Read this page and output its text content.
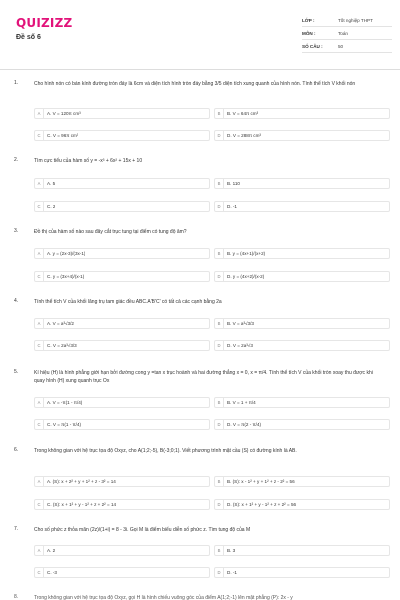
QUIZIZZ
Đề số 6
LỚP :	Tốt nghiệp THPT
MÔN :	Toán
SỐ CÂU :	50
1.	Cho hình nón có bán kính đường tròn đáy là 6cm và diện tích hình tròn đáy bằng 3/5 diện tích xung quanh của hình nón. Tính thể tích V khối nón
A	A. V = 120π cm³	B	B. V = 64π cm³
C	C. V = 96π cm³	D	D. V = 288π cm³
2.	Tìm cực tiểu của hàm số y = -x³ + 6x² + 15x + 10
A	A. 5	B	B. 110
C	C. 2	D	D. -1
3.	Đồ thị của hàm số nào sau đây cắt trục tung tại điểm có tung độ âm?
A	A. y = (2x-3)/(3x-1)	B	B. y = (4x+1)/(x+2)
C	C. y = (3x+4)/(x-1)	D	D. y = (4x+2)/(x-2)
4.	Tính thể tích V của khối lăng trụ tam giác đều ABC.A'B'C' có tất cả các cạnh bằng 2a
A	A. V = a³√3/2	B	B. V = a³√3/3
C	C. V = 2a³√3/3	D	D. V = 2a³√3
5.	Kí hiệu (H) là hình phẳng giới hạn bởi đường cong y =tan x trục hoành và hai đường thẳng x = 0, x = π/4. Tính thể tích V của khối tròn xoay thu được khi quay hình (H) xung quanh trục Ox
A	A. V = -π(1 - π/4)	B	B. V = 1 + π/4
C	C. V = π(1 - π/4)	D	D. V = π(2 - π/4)
6.	Trong không gian với hệ trục tọa độ Oxyz, cho A(1;2;-5), B(-3;0;1). Viết phương trình mặt cầu (S) có đường kính là AB.
A	A. (S): x + 2² + y + 1² + z - 3² = 14	B	B. (S): x - 1² + y + 1² + z - 2² = 56
C	C. (S): x + 1² + y - 1² + z + 2² = 14	D	D. (S): x + 1² + y - 1² + z + 2² = 56
7.	Cho số phức z thỏa mãn (2z)/(1+i) = 8 - 3i. Gọi M là điểm biểu diễn số phức z. Tìm tung độ của M
A	A. 2	B	B. 3
C	C. -3	D	D. -1
8.	Trong không gian với hệ trục tọa độ Oxyz, gọi H là hình chiếu vuông góc của điểm A(1;2;-1) lên mặt phẳng (P): 2x - y
